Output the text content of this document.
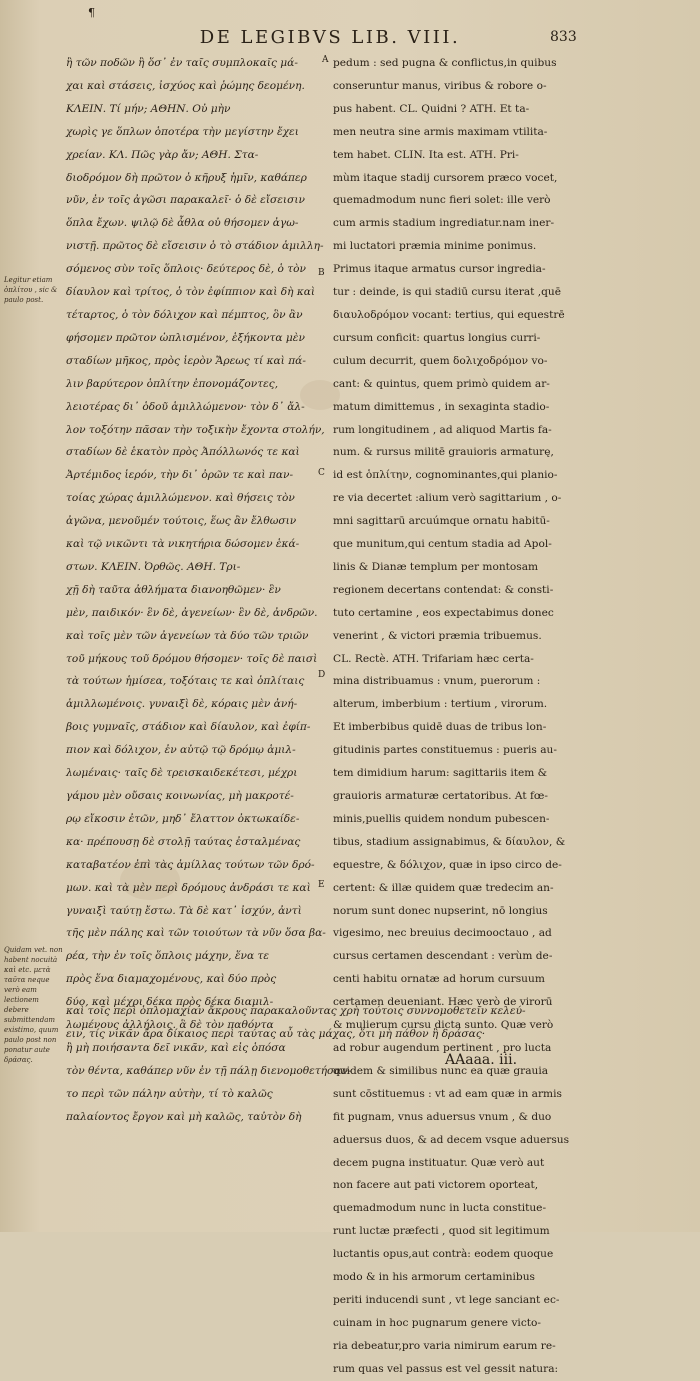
¶
DE LEGIBVS LIB. VIII.	833
Legitur etiam ὁπλίτου , sic & paulo post.
Quidam vet. non habent nocuità καὶ etc. μετὰ ταῦτα neque verò eam lectionem debere submittendam existimo, quum paulo post non ponatur aute δράσας.
ἢ τῶν ποδῶν ἢ ὅσ᾽ ἐν ταῖς συμπλοκαῖς μά-
χαι καὶ στάσεις, ἰσχύος καὶ ῥώμης δεομένη.
ΚΛΕΙΝ. Τί μήν; ΑΘΗΝ. Οὐ μὴν
χωρὶς γε ὅπλων ὁποτέρα τὴν μεγίστην ἔχει
χρείαν. ΚΛ. Πῶς γὰρ ἄν; ΑΘΗ. Στα-
διοδρόμον δὴ πρῶτον ὁ κῆρυξ ἡμῖν, καθάπερ
νῦν, ἐν τοῖς ἀγῶσι παρακαλεῖ· ὁ δὲ εἴσεισιν
ὅπλα ἔχων. ψιλῷ δὲ ἆθλα οὐ θήσομεν ἀγω-
νιστῇ. πρῶτος δὲ εἴσεισιν ὁ τὸ στάδιον ἁμιλλη-
σόμενος σὺν τοῖς ὅπλοις· δεύτερος δὲ, ὁ τὸν
δίαυλον καὶ τρίτος, ὁ τὸν ἐφίππιον καὶ δὴ καὶ
τέταρτος, ὁ τὸν δόλιχον καὶ πέμπτος, ὃν ἂν
φήσομεν πρῶτον ὡπλισμένον, ἑξήκοντα μὲν
σταδίων μῆκος, πρὸς ἱερὸν Ἄρεως τί καὶ πά-
λιν βαρύτερον ὁπλίτην ἐπονομάζοντες,
λειοτέρας δι᾽ ὁδοῦ ἁμιλλώμενον· τὸν δ᾽ ἄλ-
λον τοξότην πᾶσαν τὴν τοξικὴν ἔχοντα στολήν,
σταδίων δὲ ἑκατὸν πρὸς Ἀπόλλωνός τε καὶ
Ἀρτέμιδος ἱερόν, τὴν δι᾽ ὀρῶν τε καὶ παν-
τοίας χώρας ἁμιλλώμενον. καὶ θήσεις τὸν
ἀγῶνα, μενοῦμέν τούτοις, ἕως ἂν ἔλθωσιν
καὶ τῷ νικῶντι τὰ νικητήρια δώσομεν ἑκά-
στων. ΚΛΕΙΝ. Ὀρθῶς. ΑΘΗ. Τρι-
χῇ δὴ ταῦτα ἀθλήματα διανοηθῶμεν· ἓν
μὲν, παιδικόν· ἓν δὲ, ἀγενείων· ἓν δὲ, ἀνδρῶν.
καὶ τοῖς μὲν τῶν ἀγενείων τὰ δύο τῶν τριῶν
τοῦ μήκους τοῦ δρόμου θήσομεν· τοῖς δὲ παισὶ
τὰ τούτων ἡμίσεα, τοξόταις τε καὶ ὁπλίταις
ἁμιλλωμένοις. γυναιξὶ δὲ, κόραις μὲν ἀνή-
βοις γυμναῖς, στάδιον καὶ δίαυλον, καὶ ἐφίπ-
πιον καὶ δόλιχον, ἐν αὐτῷ τῷ δρόμῳ ἁμιλ-
λωμέναις· ταῖς δὲ τρεισκαιδεκέτεσι, μέχρι
γάμου μὲν οὔσαις κοινωνίας, μὴ μακροτέ-
ρῳ εἴκοσιν ἐτῶν, μηδ᾽ ἔλαττον ὀκτωκαίδε-
κα· πρέπουσῃ δὲ στολῇ ταύτας ἐσταλμένας
καταβατέον ἐπὶ τὰς ἁμίλλας τούτων τῶν δρό-
μων. καὶ τὰ μὲν περὶ δρόμους ἀνδράσι τε καὶ
γυναιξὶ ταύτῃ ἔστω. Τὰ δὲ κατ᾽ ἰσχύν, ἀντὶ
τῆς μὲν πάλης καὶ τῶν τοιούτων τὰ νῦν ὅσα βα-
ρέα, τὴν ἐν τοῖς ὅπλοις μάχην, ἕνα τε
πρὸς ἕνα διαμαχομένους, καὶ δύο πρὸς
δύο, καὶ μέχρι δέκα πρὸς δέκα διαμιλ-
λωμένους ἀλλήλοις. ἃ δὲ τὸν παθόντα
ἢ μὴ ποιήσαντα δεῖ νικᾶν, καὶ εἰς ὁπόσα
τὸν θέντα, καθάπερ νῦν ἐν τῇ πάλῃ διενομοθετήσαν-
το περὶ τῶν πάλην αὐτὴν, τί τὸ καλῶς
παλαίοντος ἔργον καὶ μὴ καλῶς, ταὐτὸν δὴ
pedum : sed pugna & conflictus,in quibus
conseruntur manus, viribus & robore o-
pus habent. CL. Quidni ? ATH. Et ta-
men neutra sine armis maximam vtilita-
tem habet. CLIN. Ita est. ATH. Pri-
mùm itaque stadij cursorem præco vocet,
quemadmodum nunc fieri solet: ille verò
cum armis stadium ingrediatur.nam iner-
mi luctatori præmia minime ponimus.
Primus itaque armatus cursor ingredia-
tur : deinde, is qui stadiū cursu iterat ,quē
διαυλοδρόμον vocant: tertius, qui equestrē
cursum conficit: quartus longius curri-
culum decurrit, quem δολιχοδρόμον vo-
cant: & quintus, quem primò quidem ar-
matum dimittemus , in sexaginta stadio-
rum longitudinem , ad aliquod Martis fa-
num. & rursus militē grauioris armaturę,
id est ὁπλίτην, cognominantes,qui planio-
re via decertet :alium verò sagittarium , o-
mni sagittarū arcuúmque ornatu habitū-
que munitum,qui centum stadia ad Apol-
linis & Dianæ templum per montosam
regionem decertans contendat: & consti-
tuto certamine , eos expectabimus donec
venerint , & victori præmia tribuemus.
CL. Rectè. ATH. Trifariam hæc certa-
mina distribuamus : vnum, puerorum :
alterum, imberbium : tertium , virorum.
Et imberbibus quidē duas de tribus lon-
gitudinis partes constituemus : pueris au-
tem dimidium harum: sagittariis item &
grauioris armaturæ certatoribus. At fœ-
minis,puellis quidem nondum pubescen-
tibus, stadium assignabimus, & δίαυλον, &
equestre, & δόλιχον, quæ in ipso circo de-
certent: & illæ quidem quæ tredecim an-
norum sunt donec nupserint, nō longius
vigesimo, nec breuius decimooctauo , ad
cursus certamen descendant : verùm de-
centi habitu ornatæ ad horum cursuum
certamen deueniant. Hæc verò de virorū
& mulierum cursu dicta sunto. Quæ verò
ad robur augendum pertinent , pro lucta
quidem & similibus nunc ea quæ grauia
sunt cōstituemus : vt ad eam quæ in armis
fit pugnam, vnus aduersus vnum , & duo
aduersus duos, & ad decem vsque aduersus
decem pugna instituatur. Quæ verò aut
non facere aut pati victorem oporteat,
quemadmodum nunc in lucta constitue-
runt luctæ præfecti , quod sit legitimum
luctantis opus,aut contrà: eodem quoque
modo & in his armorum certaminibus
periti inducendi sunt , vt lege sanciant ec-
cuinam in hoc pugnarum genere victo-
ria debeatur,pro varia nimirum earum re-
rum quas vel passus est vel gessit natura:
A
B
C
D
E
καὶ τοῖς περὶ ὁπλομαχίαν ἄκρους παρακαλοῦντας χρὴ τούτοις συννομοθετεῖν κελεύ-
ειν, τίς νικᾶν ἄρα δίκαιος περὶ ταύτας αὖ τὰς μάχας, ὅτι μὴ πάθον ἢ δράσας·
AAaaa. iii.
